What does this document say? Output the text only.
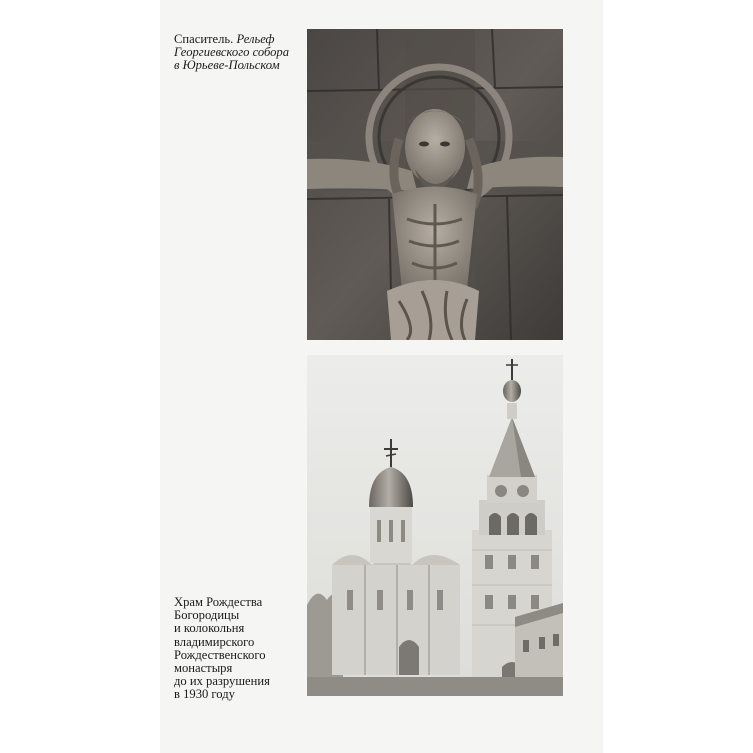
Спаситель. Рельеф
Георгиевского собора
в Юрьеве-Польском
Храм Рождества
Богородицы
и колокольня
владимирского
Рождественского
монастыря
до их разрушения
в 1930 году
